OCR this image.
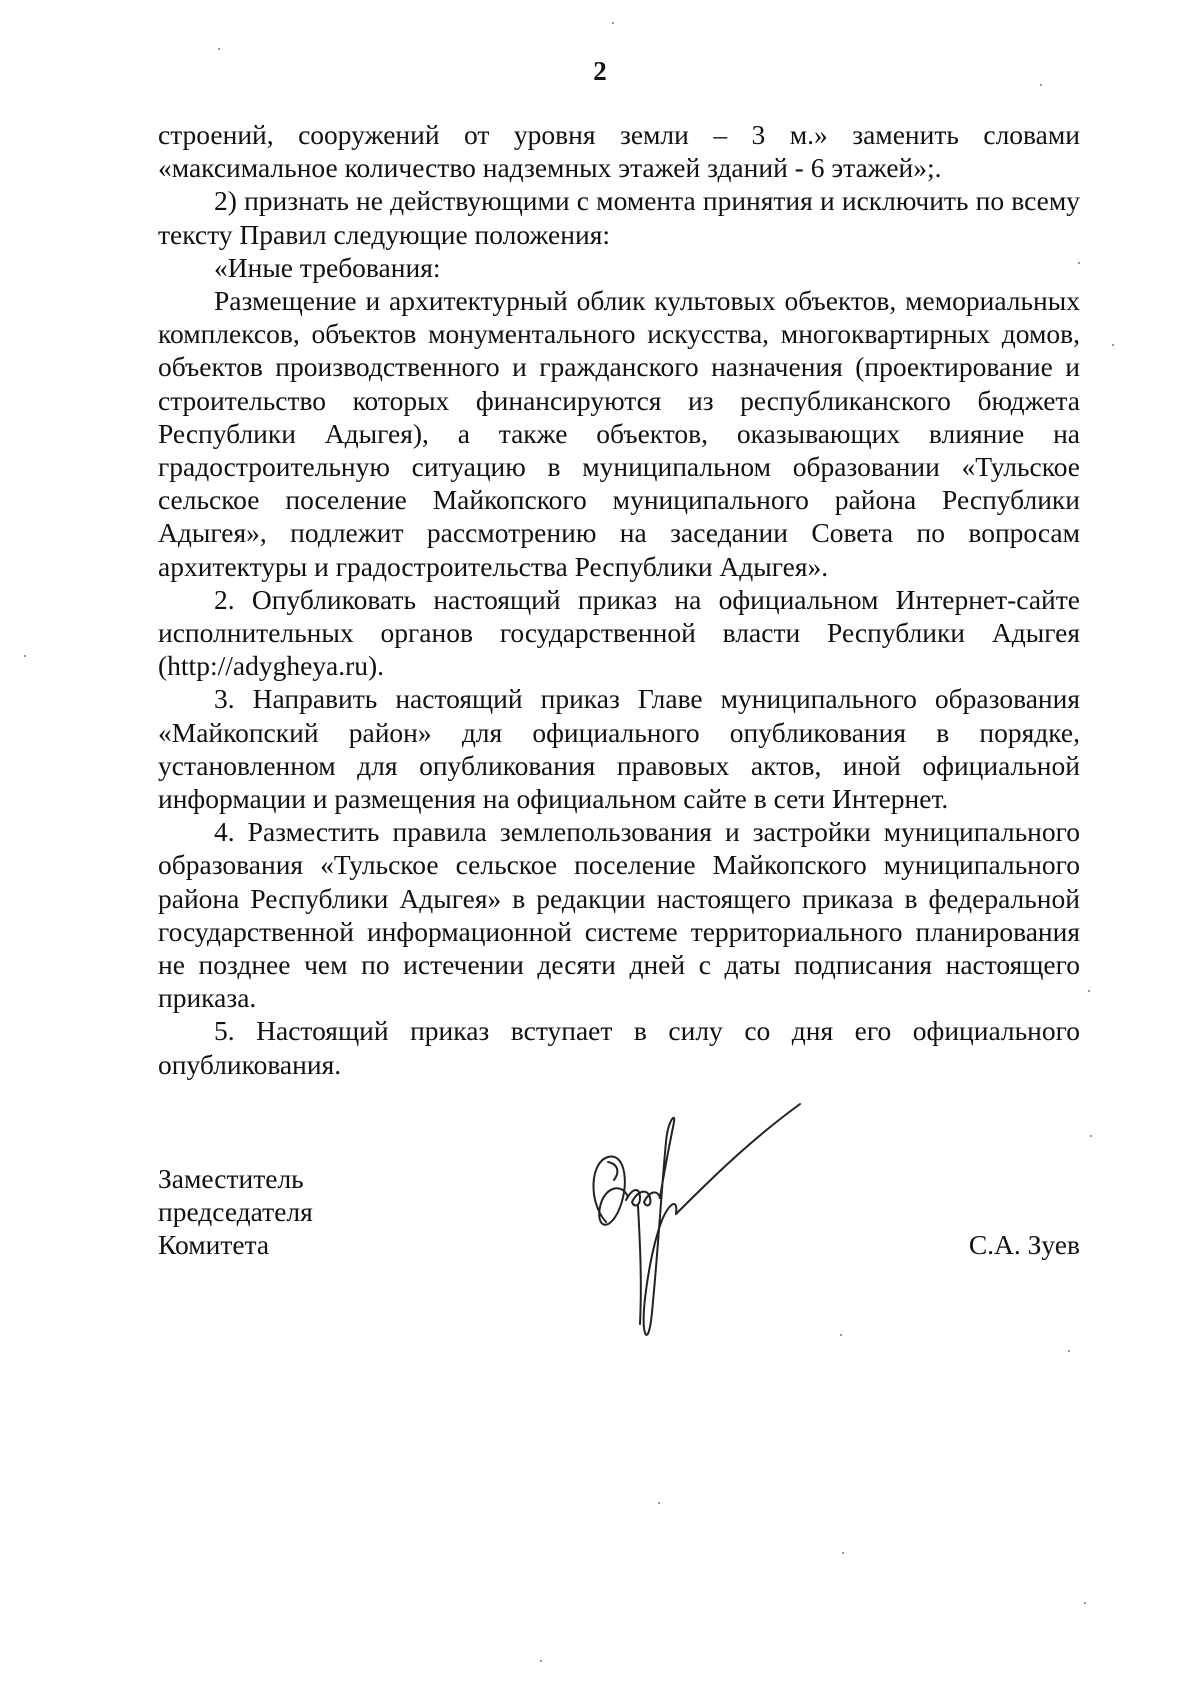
2

строений, сооружений от уровня земли – 3 м.» заменить словами «максимальное количество надземных этажей зданий - 6 этажей»;.

2) признать не действующими с момента принятия и исключить по всему тексту Правил следующие положения:

«Иные требования:

Размещение и архитектурный облик культовых объектов, мемориальных комплексов, объектов монументального искусства, многоквартирных домов, объектов производственного и гражданского назначения (проектирование и строительство которых финансируются из республиканского бюджета Республики Адыгея), а также объектов, оказывающих влияние на градостроительную ситуацию в муниципальном образовании «Тульское сельское поселение Майкопского муниципального района Республики Адыгея», подлежит рассмотрению на заседании Совета по вопросам архитектуры и градостроительства Республики Адыгея».

2. Опубликовать настоящий приказ на официальном Интернет-сайте исполнительных органов государственной власти Республики Адыгея (http://adygheya.ru).

3. Направить настоящий приказ Главе муниципального образования «Майкопский район» для официального опубликования в порядке, установленном для опубликования правовых актов, иной официальной информации и размещения на официальном сайте в сети Интернет.

4. Разместить правила землепользования и застройки муниципального образования «Тульское сельское поселение Майкопского муниципального района Республики Адыгея» в редакции настоящего приказа в федеральной государственной информационной системе территориального планирования не позднее чем по истечении десяти дней с даты подписания настоящего приказа.

5. Настоящий приказ вступает в силу со дня его официального опубликования.

Заместитель
председателя
Комитета	С.А. Зуев
